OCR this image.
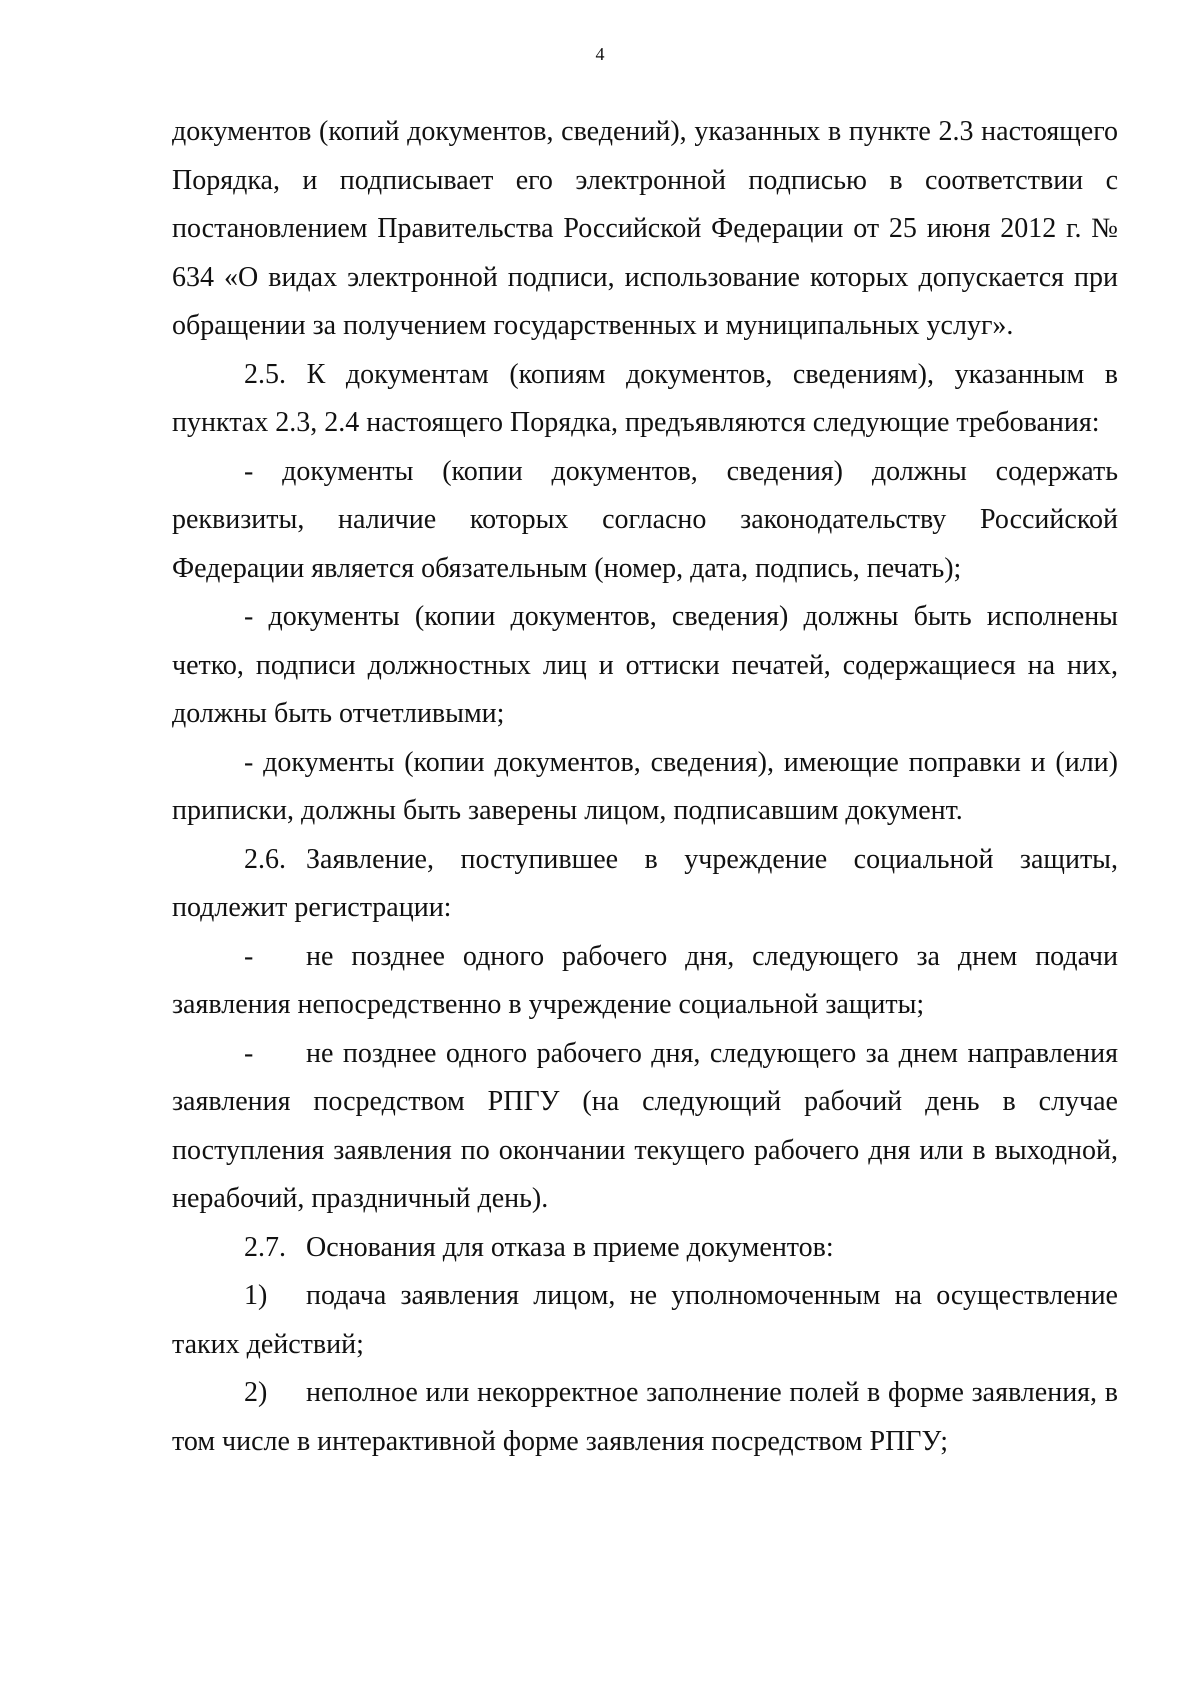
4

документов (копий документов, сведений), указанных в пункте 2.3 настоящего Порядка, и подписывает его электронной подписью в соответствии с постановлением Правительства Российской Федерации от 25 июня 2012 г. № 634 «О видах электронной подписи, использование которых допускается при обращении за получением государственных и муниципальных услуг».

2.5. К документам (копиям документов, сведениям), указанным в пунктах 2.3, 2.4 настоящего Порядка, предъявляются следующие требования:

- документы (копии документов, сведения) должны содержать реквизиты, наличие которых согласно законодательству Российской Федерации является обязательным (номер, дата, подпись, печать);

- документы (копии документов, сведения) должны быть исполнены четко, подписи должностных лиц и оттиски печатей, содержащиеся на них, должны быть отчетливыми;

- документы (копии документов, сведения), имеющие поправки и (или) приписки, должны быть заверены лицом, подписавшим документ.

2.6. Заявление, поступившее в учреждение социальной защиты, подлежит регистрации:

- не позднее одного рабочего дня, следующего за днем подачи заявления непосредственно в учреждение социальной защиты;

- не позднее одного рабочего дня, следующего за днем направления заявления посредством РПГУ (на следующий рабочий день в случае поступления заявления по окончании текущего рабочего дня или в выходной, нерабочий, праздничный день).

2.7. Основания для отказа в приеме документов:

1) подача заявления лицом, не уполномоченным на осуществление таких действий;

2) неполное или некорректное заполнение полей в форме заявления, в том числе в интерактивной форме заявления посредством РПГУ;
